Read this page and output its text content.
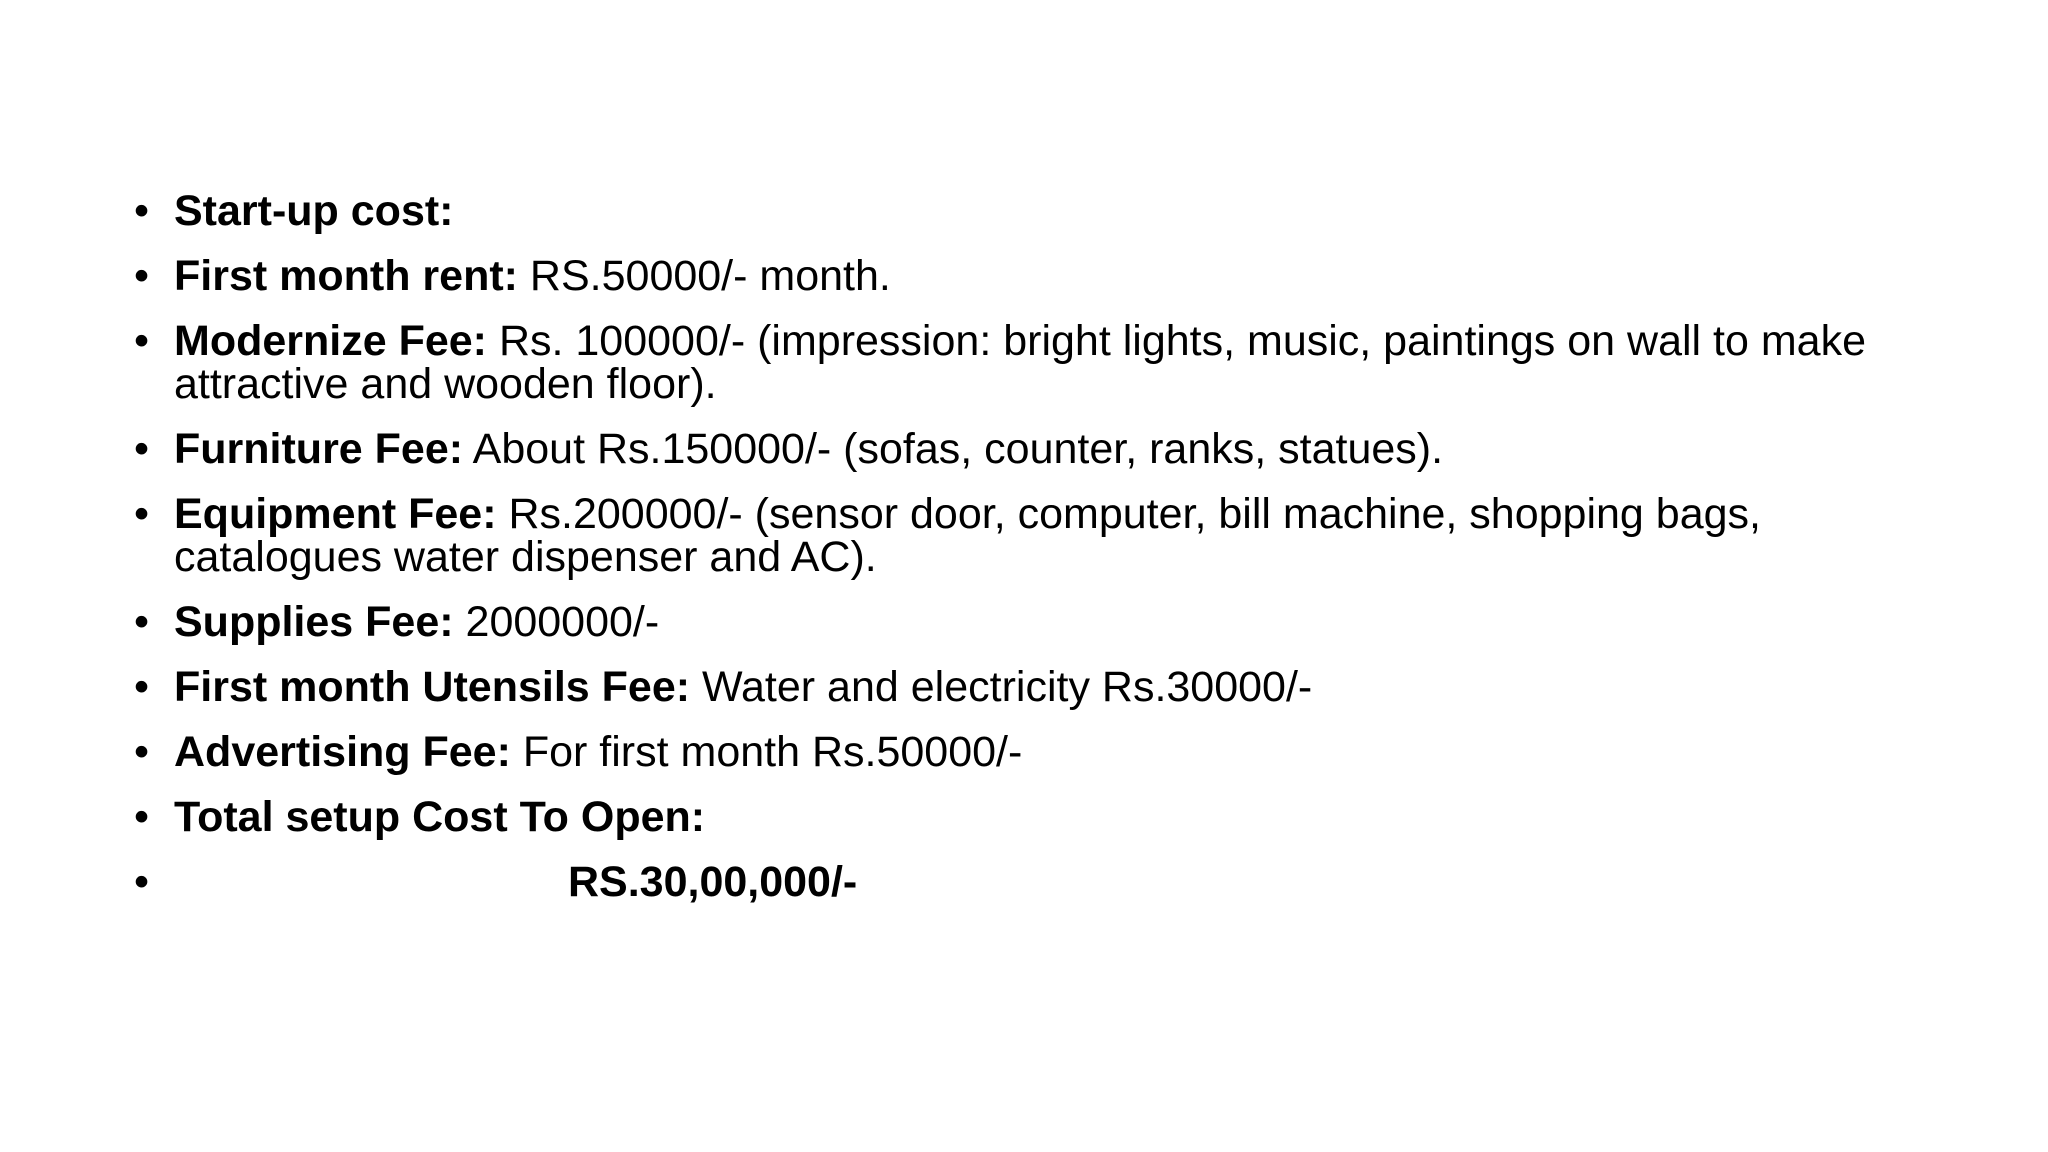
• Start-up cost:
• First month rent: RS.50000/- month.
• Modernize Fee: Rs. 100000/- (impression: bright lights, music, paintings on wall to make attractive and wooden floor).
• Furniture Fee: About Rs.150000/- (sofas, counter, ranks, statues).
• Equipment Fee: Rs.200000/- (sensor door, computer, bill machine, shopping bags, catalogues water dispenser and AC).
• Supplies Fee: 2000000/-
• First month Utensils Fee: Water and electricity Rs.30000/-
• Advertising Fee: For first month Rs.50000/-
• Total setup Cost To Open:
•	RS.30,00,000/-
